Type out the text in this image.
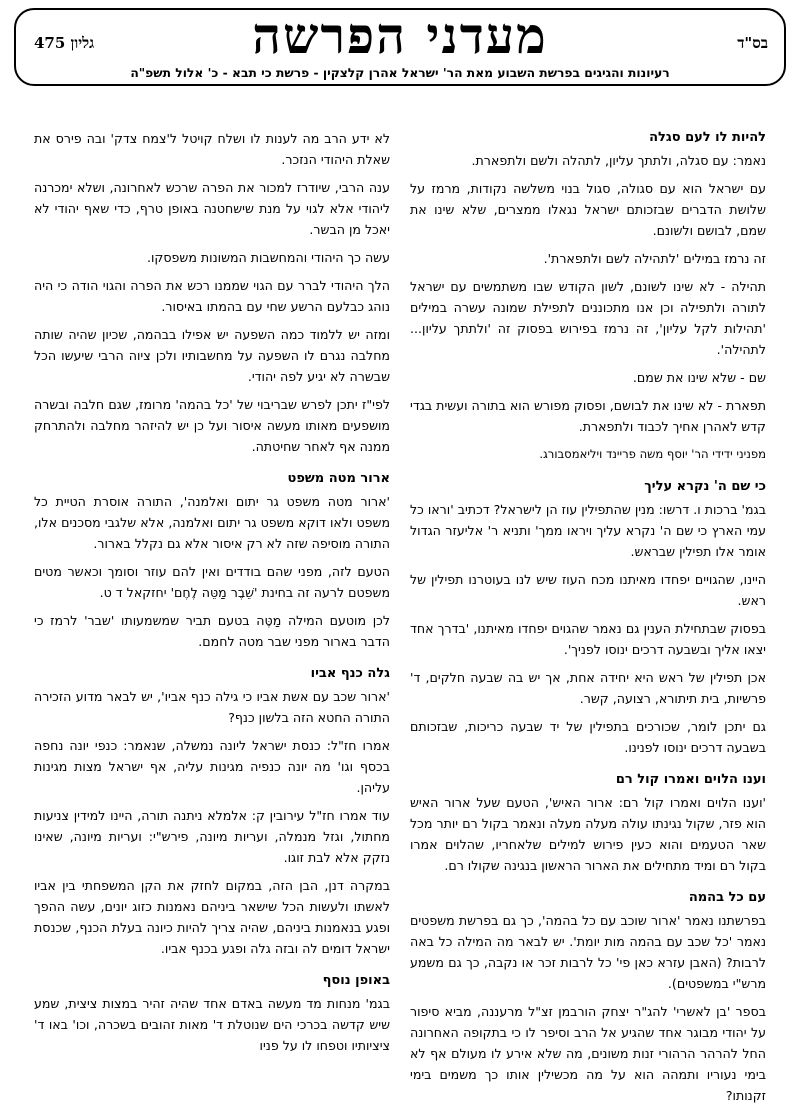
בס"ד
מעדני הפרשה
גליון 475
רעיונות והגיגים בפרשת השבוע מאת הר' ישראל אהרן קלצקין - פרשת כי תבא - כ' אלול תשפ"ה
להיות לו לעם סגלה

נאמר: עם סגלה, ולתתך עליון, לתהלה ולשם ולתפארת.

עם ישראל הוא עם סגולה, סגול בנוי משלשה נקודות, מרמז על שלושת הדברים שבזכותם ישראל נגאלו ממצרים, שלא שינו את שמם, לבושם ולשונם.

זה נרמז במילים 'לתהילה לשם ולתפארת'.

תהילה - לא שינו לשונם, לשון הקודש שבו משתמשים עם ישראל לתורה ולתפילה וכן אנו מתכוננים לתפילת שמונה עשרה במילים 'תהילות לקל עליון', זה נרמז בפירוש בפסוק זה 'ולתתך עליון... לתהילה'.

שם - שלא שינו את שמם.

תפארת - לא שינו את לבושם, ופסוק מפורש הוא בתורה ועשית בגדי קדש לאהרן אחיך לכבוד ולתפארת.

מפניני ידידי הר' יוסף משה פריינד ויליאמסבורג.

כי שם ה' נקרא עליך

בגמ' ברכות ו. דרשו: מנין שהתפילין עוז הן לישראל? דכתיב 'וראו כל עמי הארץ כי שם ה' נקרא עליך ויראו ממך' ותניא ר' אליעזר הגדול אומר אלו תפילין שבראש.

היינו, שהגויים יפחדו מאיתנו מכח העוז שיש לנו בעוטרנו תפילין של ראש.

בפסוק שבתחילת הענין גם נאמר שהגוים יפחדו מאיתנו, 'בדרך אחד יצאו אליך ובשבעה דרכים ינוסו לפניך'.

אכן תפילין של ראש היא יחידה אחת, אך יש בה שבעה חלקים, ד' פרשיות, בית תיתורא, רצועה, קשר.

גם יתכן לומר, שכורכים בתפילין של יד שבעה כריכות, שבזכותם בשבעה דרכים ינוסו לפנינו.

וענו הלוים ואמרו קול רם

'וענו הלוים ואמרו קול רם: ארור האיש', הטעם שעל ארור האיש הוא פזר, שקול נגינתו עולה מעלה מעלה ונאמר בקול רם יותר מכל שאר הטעמים והוא כעין פירוש למילים שלאחריו, שהלוים אמרו בקול רם ומיד מתחילים את הארור הראשון בנגינה שקולו רם.

עם כל בהמה

בפרשתנו נאמר 'ארור שוכב עם כל בהמה', כך גם בפרשת משפטים נאמר 'כל שכב עם בהמה מות יומת'. יש לבאר מה המילה כל באה לרבות? (האבן עזרא כאן פי' כל לרבות זכר או נקבה, כך גם משמע מרש"י במשפטים).

בספר 'בן לאשרי' להג"ר יצחק הורבמן זצ"ל מרעננה, מביא סיפור על יהודי מבוגר אחד שהגיע אל הרב וסיפר לו כי בתקופה האחרונה החל להרהר הרהורי זנות משונים, מה שלא אירע לו מעולם אף לא בימי נעוריו ותמהה הוא על מה מכשילין אותו כך משמים בימי זקנותו?

לא ידע הרב מה לענות לו ושלח קויטל ל'צמח צדק' ובה פירס את שאלת היהודי הנזכר.

ענה הרבי, שיודרז למכור את הפרה שרכש לאחרונה, ושלא ימכרנה ליהודי אלא לגוי על מנת שישחטנה באופן טרף, כדי שאף יהודי לא יאכל מן הבשר.

עשה כך היהודי והמחשבות המשונות משפסקו.

הלך היהודי לברר עם הגוי שממנו רכש את הפרה והגוי הודה כי היה נוהג כבלעם הרשע שחי עם בהמתו באיסור.

ומזה יש ללמוד כמה השפעה יש אפילו בבהמה, שכיון שהיה שותה מחלבה נגרם לו השפעה על מחשבותיו ולכן ציוה הרבי שיעשו הכל שבשרה לא יגיע לפה יהודי.

לפי"ז יתכן לפרש שבריבוי של 'כל בהמה' מרומז, שגם חלבה ובשרה מושפעים מאותו מעשה איסור ועל כן יש להיזהר מחלבה ולהתרחק ממנה אף לאחר שחיטתה.

ארור מטה משפט

'ארור מטה משפט גר יתום ואלמנה', התורה אוסרת הטיית כל משפט ולאו דוקא משפט גר יתום ואלמנה, אלא שלגבי מסכנים אלו, התורה מוסיפה שזה לא רק איסור אלא גם נקלל בארור.

הטעם לזה, מפני שהם בודדים ואין להם עוזר וסומך וכאשר מטים משפטם לרעה זה בחינת 'שֵׁבֶר מַטֵּה לֶחֶם' יחזקאל ד ט.

לכן מוטעם המילה מַטֶּה בטעם תביר שמשמעותו 'שבר' לרמז כי הדבר בארור מפני שבר מטה לחמם.

גלה כנף אביו

'ארור שכב עם אשת אביו כי גילה כנף אביו', יש לבאר מדוע הזכירה התורה החטא הזה בלשון כנף?

אמרו חז"ל: כנסת ישראל ליונה נמשלה, שנאמר: כנפי יונה נחפה בכסף וגו' מה יונה כנפיה מגינות עליה, אף ישראל מצות מגינות עליהן.

עוד אמרו חז"ל עירובין ק: אלמלא ניתנה תורה, היינו למידין צניעות מחתול, וגזל מנמלה, ועריות מיונה, פירש"י: ועריות מיונה, שאינו נזקק אלא לבת זוגו.

במקרה דנן, הבן הזה, במקום לחזק את הקן המשפחתי בין אביו לאשתו ולעשות הכל שישאר ביניהם נאמנות כזוג יונים, עשה ההפך ופגע בנאמנות ביניהם, שהיה צריך להיות כיונה בעלת הכנף, שכנסת ישראל דומים לה ובזה גלה ופגע בכנף אביו.

באופן נוסף

בגמ' מנחות מד מעשה באדם אחד שהיה זהיר במצות ציצית, שמע שיש קדשה בכרכי הים שנוטלת ד' מאות זהובים בשכרה, וכו' באו ד' ציציותיו וטפחו לו על פניו
